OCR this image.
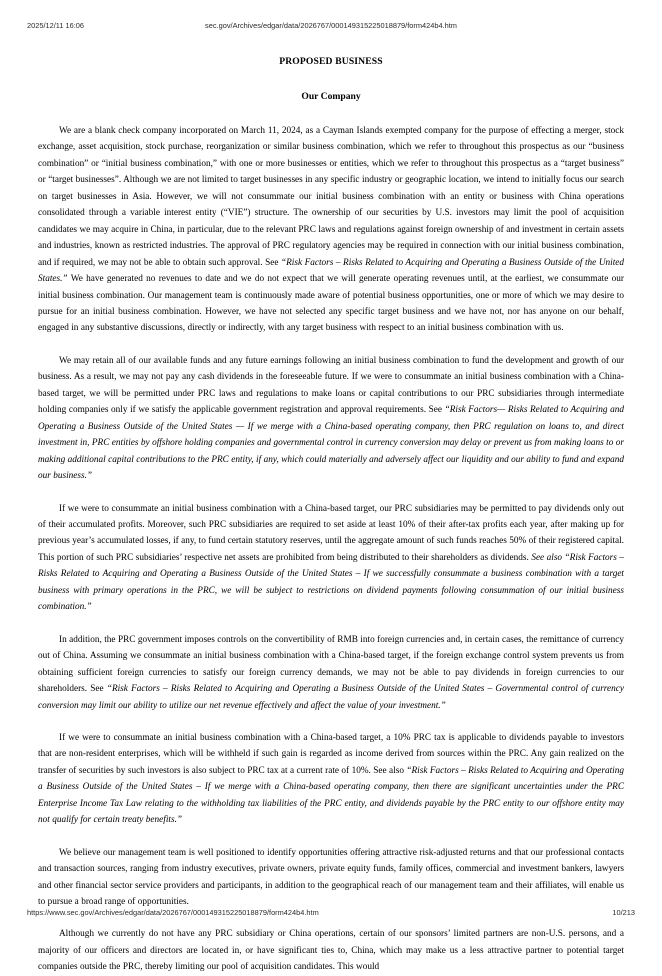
2025/12/11 16:06	sec.gov/Archives/edgar/data/2026767/000149315225018879/form424b4.htm
PROPOSED BUSINESS
Our Company

We are a blank check company incorporated on March 11, 2024, as a Cayman Islands exempted company for the purpose of effecting a merger, stock exchange, asset acquisition, stock purchase, reorganization or similar business combination, which we refer to throughout this prospectus as our “business combination” or “initial business combination,” with one or more businesses or entities, which we refer to throughout this prospectus as a “target business” or “target businesses”. Although we are not limited to target businesses in any specific industry or geographic location, we intend to initially focus our search on target businesses in Asia. However, we will not consummate our initial business combination with an entity or business with China operations consolidated through a variable interest entity (“VIE”) structure. The ownership of our securities by U.S. investors may limit the pool of acquisition candidates we may acquire in China, in particular, due to the relevant PRC laws and regulations against foreign ownership of and investment in certain assets and industries, known as restricted industries. The approval of PRC regulatory agencies may be required in connection with our initial business combination, and if required, we may not be able to obtain such approval. See “Risk Factors – Risks Related to Acquiring and Operating a Business Outside of the United States.” We have generated no revenues to date and we do not expect that we will generate operating revenues until, at the earliest, we consummate our initial business combination. Our management team is continuously made aware of potential business opportunities, one or more of which we may desire to pursue for an initial business combination. However, we have not selected any specific target business and we have not, nor has anyone on our behalf, engaged in any substantive discussions, directly or indirectly, with any target business with respect to an initial business combination with us.

We may retain all of our available funds and any future earnings following an initial business combination to fund the development and growth of our business. As a result, we may not pay any cash dividends in the foreseeable future. If we were to consummate an initial business combination with a China-based target, we will be permitted under PRC laws and regulations to make loans or capital contributions to our PRC subsidiaries through intermediate holding companies only if we satisfy the applicable government registration and approval requirements. See “Risk Factors— Risks Related to Acquiring and Operating a Business Outside of the United States — If we merge with a China-based operating company, then PRC regulation on loans to, and direct investment in, PRC entities by offshore holding companies and governmental control in currency conversion may delay or prevent us from making loans to or making additional capital contributions to the PRC entity, if any, which could materially and adversely affect our liquidity and our ability to fund and expand our business.”

If we were to consummate an initial business combination with a China-based target, our PRC subsidiaries may be permitted to pay dividends only out of their accumulated profits. Moreover, such PRC subsidiaries are required to set aside at least 10% of their after-tax profits each year, after making up for previous year’s accumulated losses, if any, to fund certain statutory reserves, until the aggregate amount of such funds reaches 50% of their registered capital. This portion of such PRC subsidiaries’ respective net assets are prohibited from being distributed to their shareholders as dividends. See also “Risk Factors – Risks Related to Acquiring and Operating a Business Outside of the United States – If we successfully consummate a business combination with a target business with primary operations in the PRC, we will be subject to restrictions on dividend payments following consummation of our initial business combination.”

In addition, the PRC government imposes controls on the convertibility of RMB into foreign currencies and, in certain cases, the remittance of currency out of China. Assuming we consummate an initial business combination with a China-based target, if the foreign exchange control system prevents us from obtaining sufficient foreign currencies to satisfy our foreign currency demands, we may not be able to pay dividends in foreign currencies to our shareholders. See “Risk Factors – Risks Related to Acquiring and Operating a Business Outside of the United States – Governmental control of currency conversion may limit our ability to utilize our net revenue effectively and affect the value of your investment.”

If we were to consummate an initial business combination with a China-based target, a 10% PRC tax is applicable to dividends payable to investors that are non-resident enterprises, which will be withheld if such gain is regarded as income derived from sources within the PRC. Any gain realized on the transfer of securities by such investors is also subject to PRC tax at a current rate of 10%. See also “Risk Factors – Risks Related to Acquiring and Operating a Business Outside of the United States – If we merge with a China-based operating company, then there are significant uncertainties under the PRC Enterprise Income Tax Law relating to the withholding tax liabilities of the PRC entity, and dividends payable by the PRC entity to our offshore entity may not qualify for certain treaty benefits.”

We believe our management team is well positioned to identify opportunities offering attractive risk-adjusted returns and that our professional contacts and transaction sources, ranging from industry executives, private owners, private equity funds, family offices, commercial and investment bankers, lawyers and other financial sector service providers and participants, in addition to the geographical reach of our management team and their affiliates, will enable us to pursue a broad range of opportunities.

Although we currently do not have any PRC subsidiary or China operations, certain of our sponsors’ limited partners are non-U.S. persons, and a majority of our officers and directors are located in, or have significant ties to, China, which may make us a less attractive partner to potential target companies outside the PRC, thereby limiting our pool of acquisition candidates. This would

https://www.sec.gov/Archives/edgar/data/2026767/000149315225018879/form424b4.htm	10/213
